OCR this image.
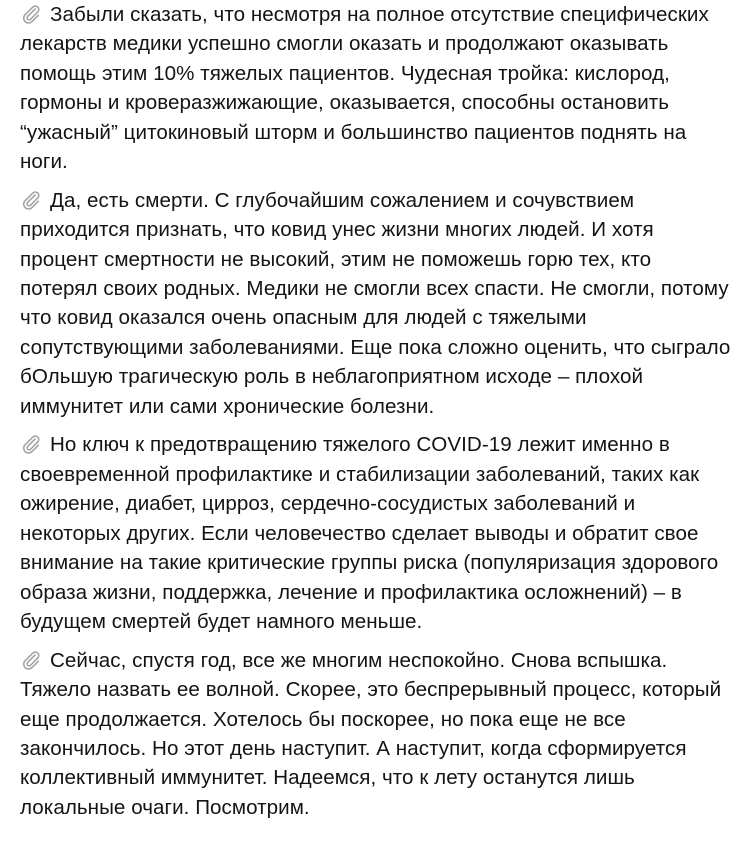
Забыли сказать, что несмотря на полное отсутствие специфических лекарств медики успешно смогли оказать и продолжают оказывать помощь этим 10% тяжелых пациентов. Чудесная тройка: кислород, гормоны и кроверазжижающие, оказывается, способны остановить “ужасный” цитокиновый шторм и большинство пациентов поднять на ноги.

Да, есть смерти. С глубочайшим сожалением и сочувствием приходится признать, что ковид унес жизни многих людей. И хотя процент смертности не высокий, этим не поможешь горю тех, кто потерял своих родных. Медики не смогли всех спасти. Не смогли, потому что ковид оказался очень опасным для людей с тяжелыми сопутствующими заболеваниями. Еще пока сложно оценить, что сыграло бОльшую трагическую роль в неблагоприятном исходе – плохой иммунитет или сами хронические болезни.

Но ключ к предотвращению тяжелого COVID-19 лежит именно в своевременной профилактике и стабилизации заболеваний, таких как ожирение, диабет, цирроз, сердечно-сосудистых заболеваний и некоторых других. Если человечество сделает выводы и обратит свое внимание на такие критические группы риска (популяризация здорового образа жизни, поддержка, лечение и профилактика осложнений) – в будущем смертей будет намного меньше.

Сейчас, спустя год, все же многим неспокойно. Снова вспышка. Тяжело назвать ее волной. Скорее, это беспрерывный процесс, который еще продолжается. Хотелось бы поскорее, но пока еще не все закончилось. Но этот день наступит. А наступит, когда сформируется коллективный иммунитет. Надеемся, что к лету останутся лишь локальные очаги. Посмотрим.
